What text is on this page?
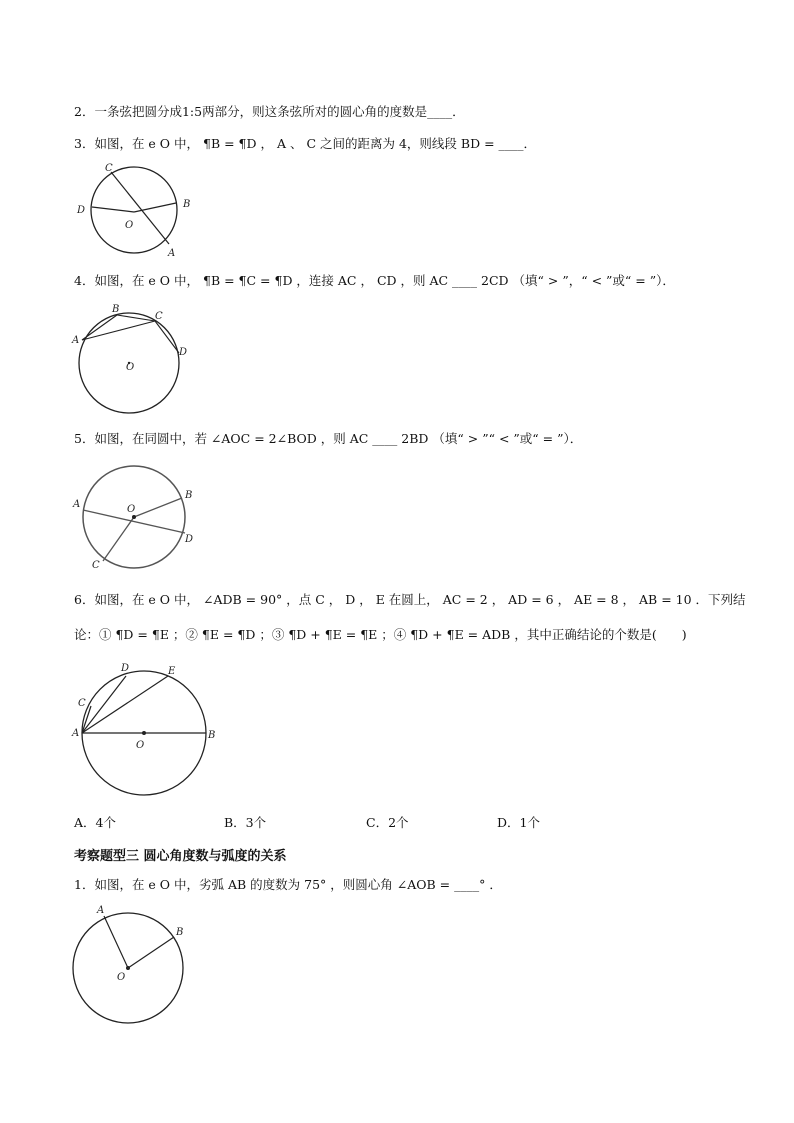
2．一条弦把圆分成1:5两部分，则这条弦所对的圆心角的度数是____．
3．如图，在 e O 中， ¶B = ¶D ， A 、 C 之间的距离为 4，则线段 BD = ____．
C
D
B
O
A
4．如图，在 e O 中， ¶B = ¶C = ¶D ，连接 AC ， CD ，则 AC ____ 2CD （填“ > ”，“ < ”或“ = ”）．
A
B
C
D
O
5．如图，在同圆中，若 ∠AOC = 2∠BOD ，则 AC ____ 2BD （填“ > ”“ < ”或“ = ”）．
A
B
O
D
C
6．如图，在 e O 中， ∠ADB = 90° ，点 C ， D ， E 在圆上， AC = 2 ， AD = 6 ， AE = 8 ， AB = 10 ．下列结
论：① ¶D = ¶E ；② ¶E = ¶D ；③ ¶D + ¶E = ¶E ；④ ¶D + ¶E = ADB ，其中正确结论的个数是(　　)
A
C
D	E
O
B
A．4个	B．3个	C．2个	D．1个
考察题型三 圆心角度数与弧度的关系
1．如图，在 e O 中，劣弧 AB 的度数为 75° ，则圆心角 ∠AOB = ____° ．
A
B
O
